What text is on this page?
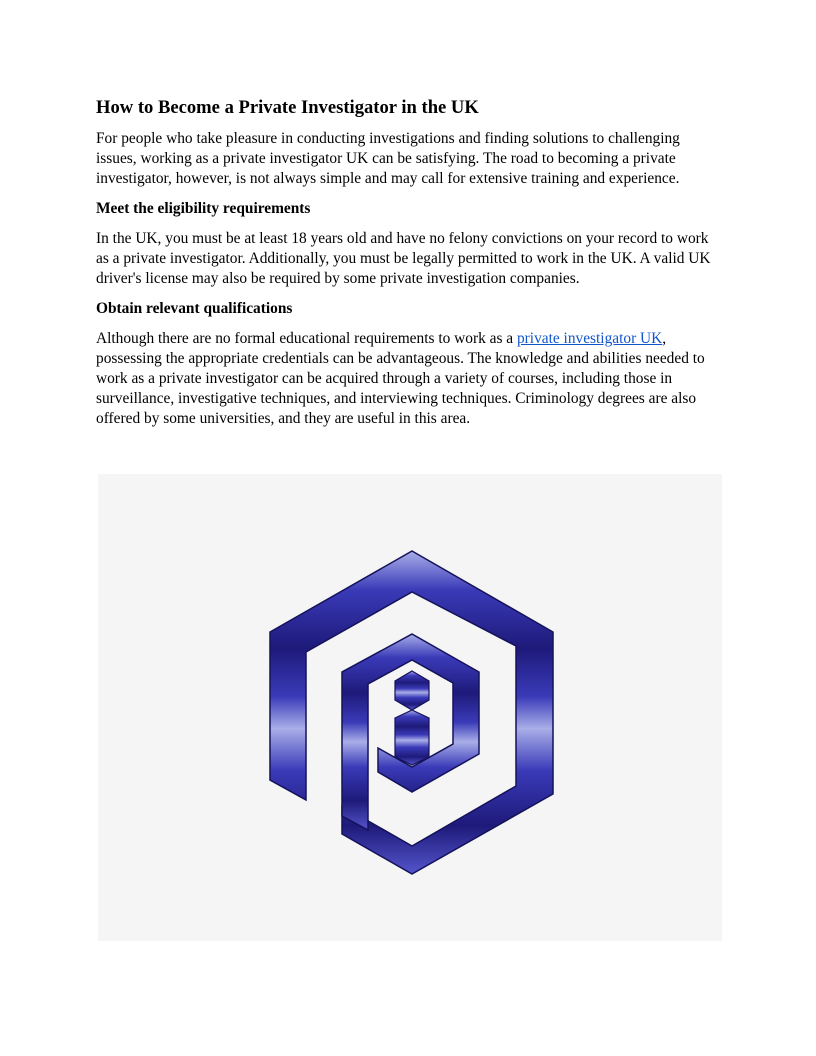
How to Become a Private Investigator in the UK

For people who take pleasure in conducting investigations and finding solutions to challenging issues, working as a private investigator UK can be satisfying. The road to becoming a private investigator, however, is not always simple and may call for extensive training and experience.

Meet the eligibility requirements

In the UK, you must be at least 18 years old and have no felony convictions on your record to work as a private investigator. Additionally, you must be legally permitted to work in the UK. A valid UK driver's license may also be required by some private investigation companies.

Obtain relevant qualifications

Although there are no formal educational requirements to work as a private investigator UK, possessing the appropriate credentials can be advantageous. The knowledge and abilities needed to work as a private investigator can be acquired through a variety of courses, including those in surveillance, investigative techniques, and interviewing techniques. Criminology degrees are also offered by some universities, and they are useful in this area.
